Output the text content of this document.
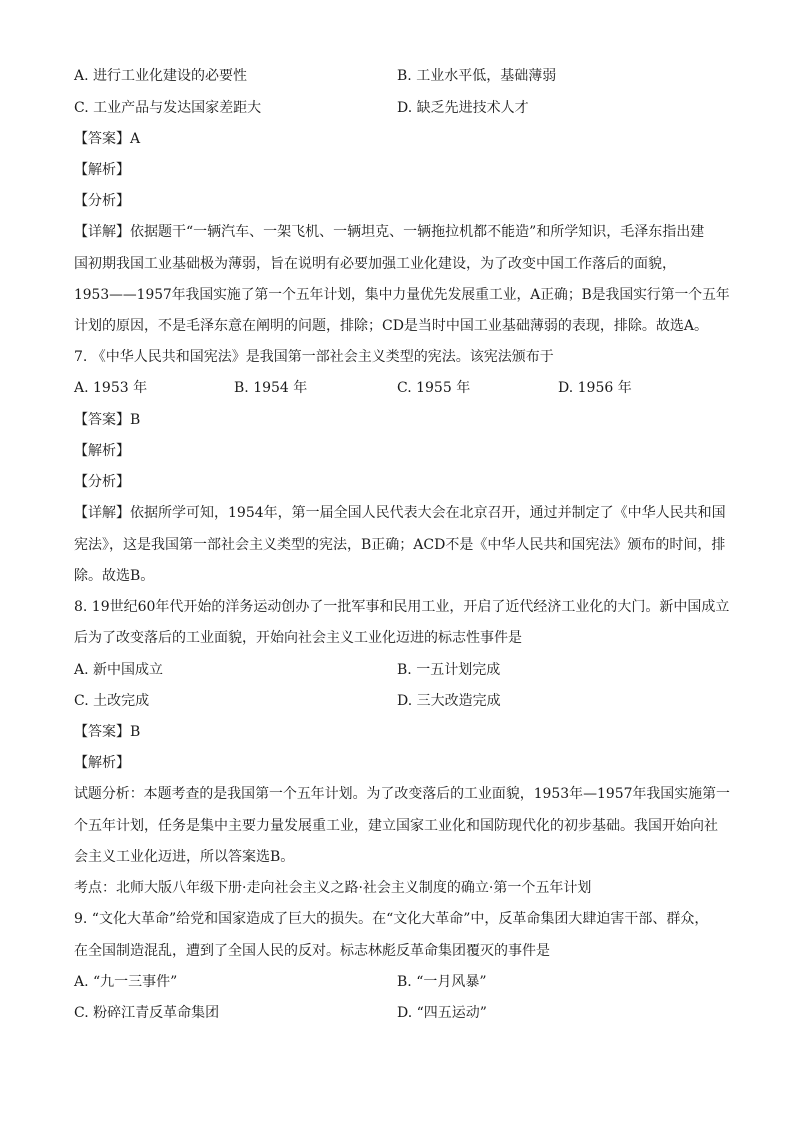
A. 进行工业化建设的必要性	B. 工业水平低，基础薄弱
C. 工业产品与发达国家差距大	D. 缺乏先进技术人才
【答案】A
【解析】
【分析】
【详解】依据题干“一辆汽车、一架飞机、一辆坦克、一辆拖拉机都不能造”和所学知识，毛泽东指出建
国初期我国工业基础极为薄弱，旨在说明有必要加强工业化建设，为了改变中国工作落后的面貌，
1953——1957年我国实施了第一个五年计划，集中力量优先发展重工业，A正确；B是我国实行第一个五年
计划的原因，不是毛泽东意在阐明的问题，排除；CD是当时中国工业基础薄弱的表现，排除。故选A。
7. 《中华人民共和国宪法》是我国第一部社会主义类型的宪法。该宪法颁布于
A. 1953 年	B. 1954 年	C. 1955 年	D. 1956 年
【答案】B
【解析】
【分析】
【详解】依据所学可知，1954年，第一届全国人民代表大会在北京召开，通过并制定了《中华人民共和国
宪法》，这是我国第一部社会主义类型的宪法，B正确；ACD不是《中华人民共和国宪法》颁布的时间，排
除。故选B。
8. 19世纪60年代开始的洋务运动创办了一批军事和民用工业，开启了近代经济工业化的大门。新中国成立
后为了改变落后的工业面貌，开始向社会主义工业化迈进的标志性事件是
A. 新中国成立	B. 一五计划完成
C. 土改完成	D. 三大改造完成
【答案】B
【解析】
试题分析：本题考查的是我国第一个五年计划。为了改变落后的工业面貌，1953年—1957年我国实施第一
个五年计划，任务是集中主要力量发展重工业，建立国家工业化和国防现代化的初步基础。我国开始向社
会主义工业化迈进，所以答案选B。
考点：北师大版八年级下册·走向社会主义之路·社会主义制度的确立·第一个五年计划
9. “文化大革命”给党和国家造成了巨大的损失。在“文化大革命”中，反革命集团大肆迫害干部、群众，
在全国制造混乱，遭到了全国人民的反对。标志林彪反革命集团覆灭的事件是
A. “九一三事件”	B. “一月风暴”
C. 粉碎江青反革命集团	D. “四五运动”
